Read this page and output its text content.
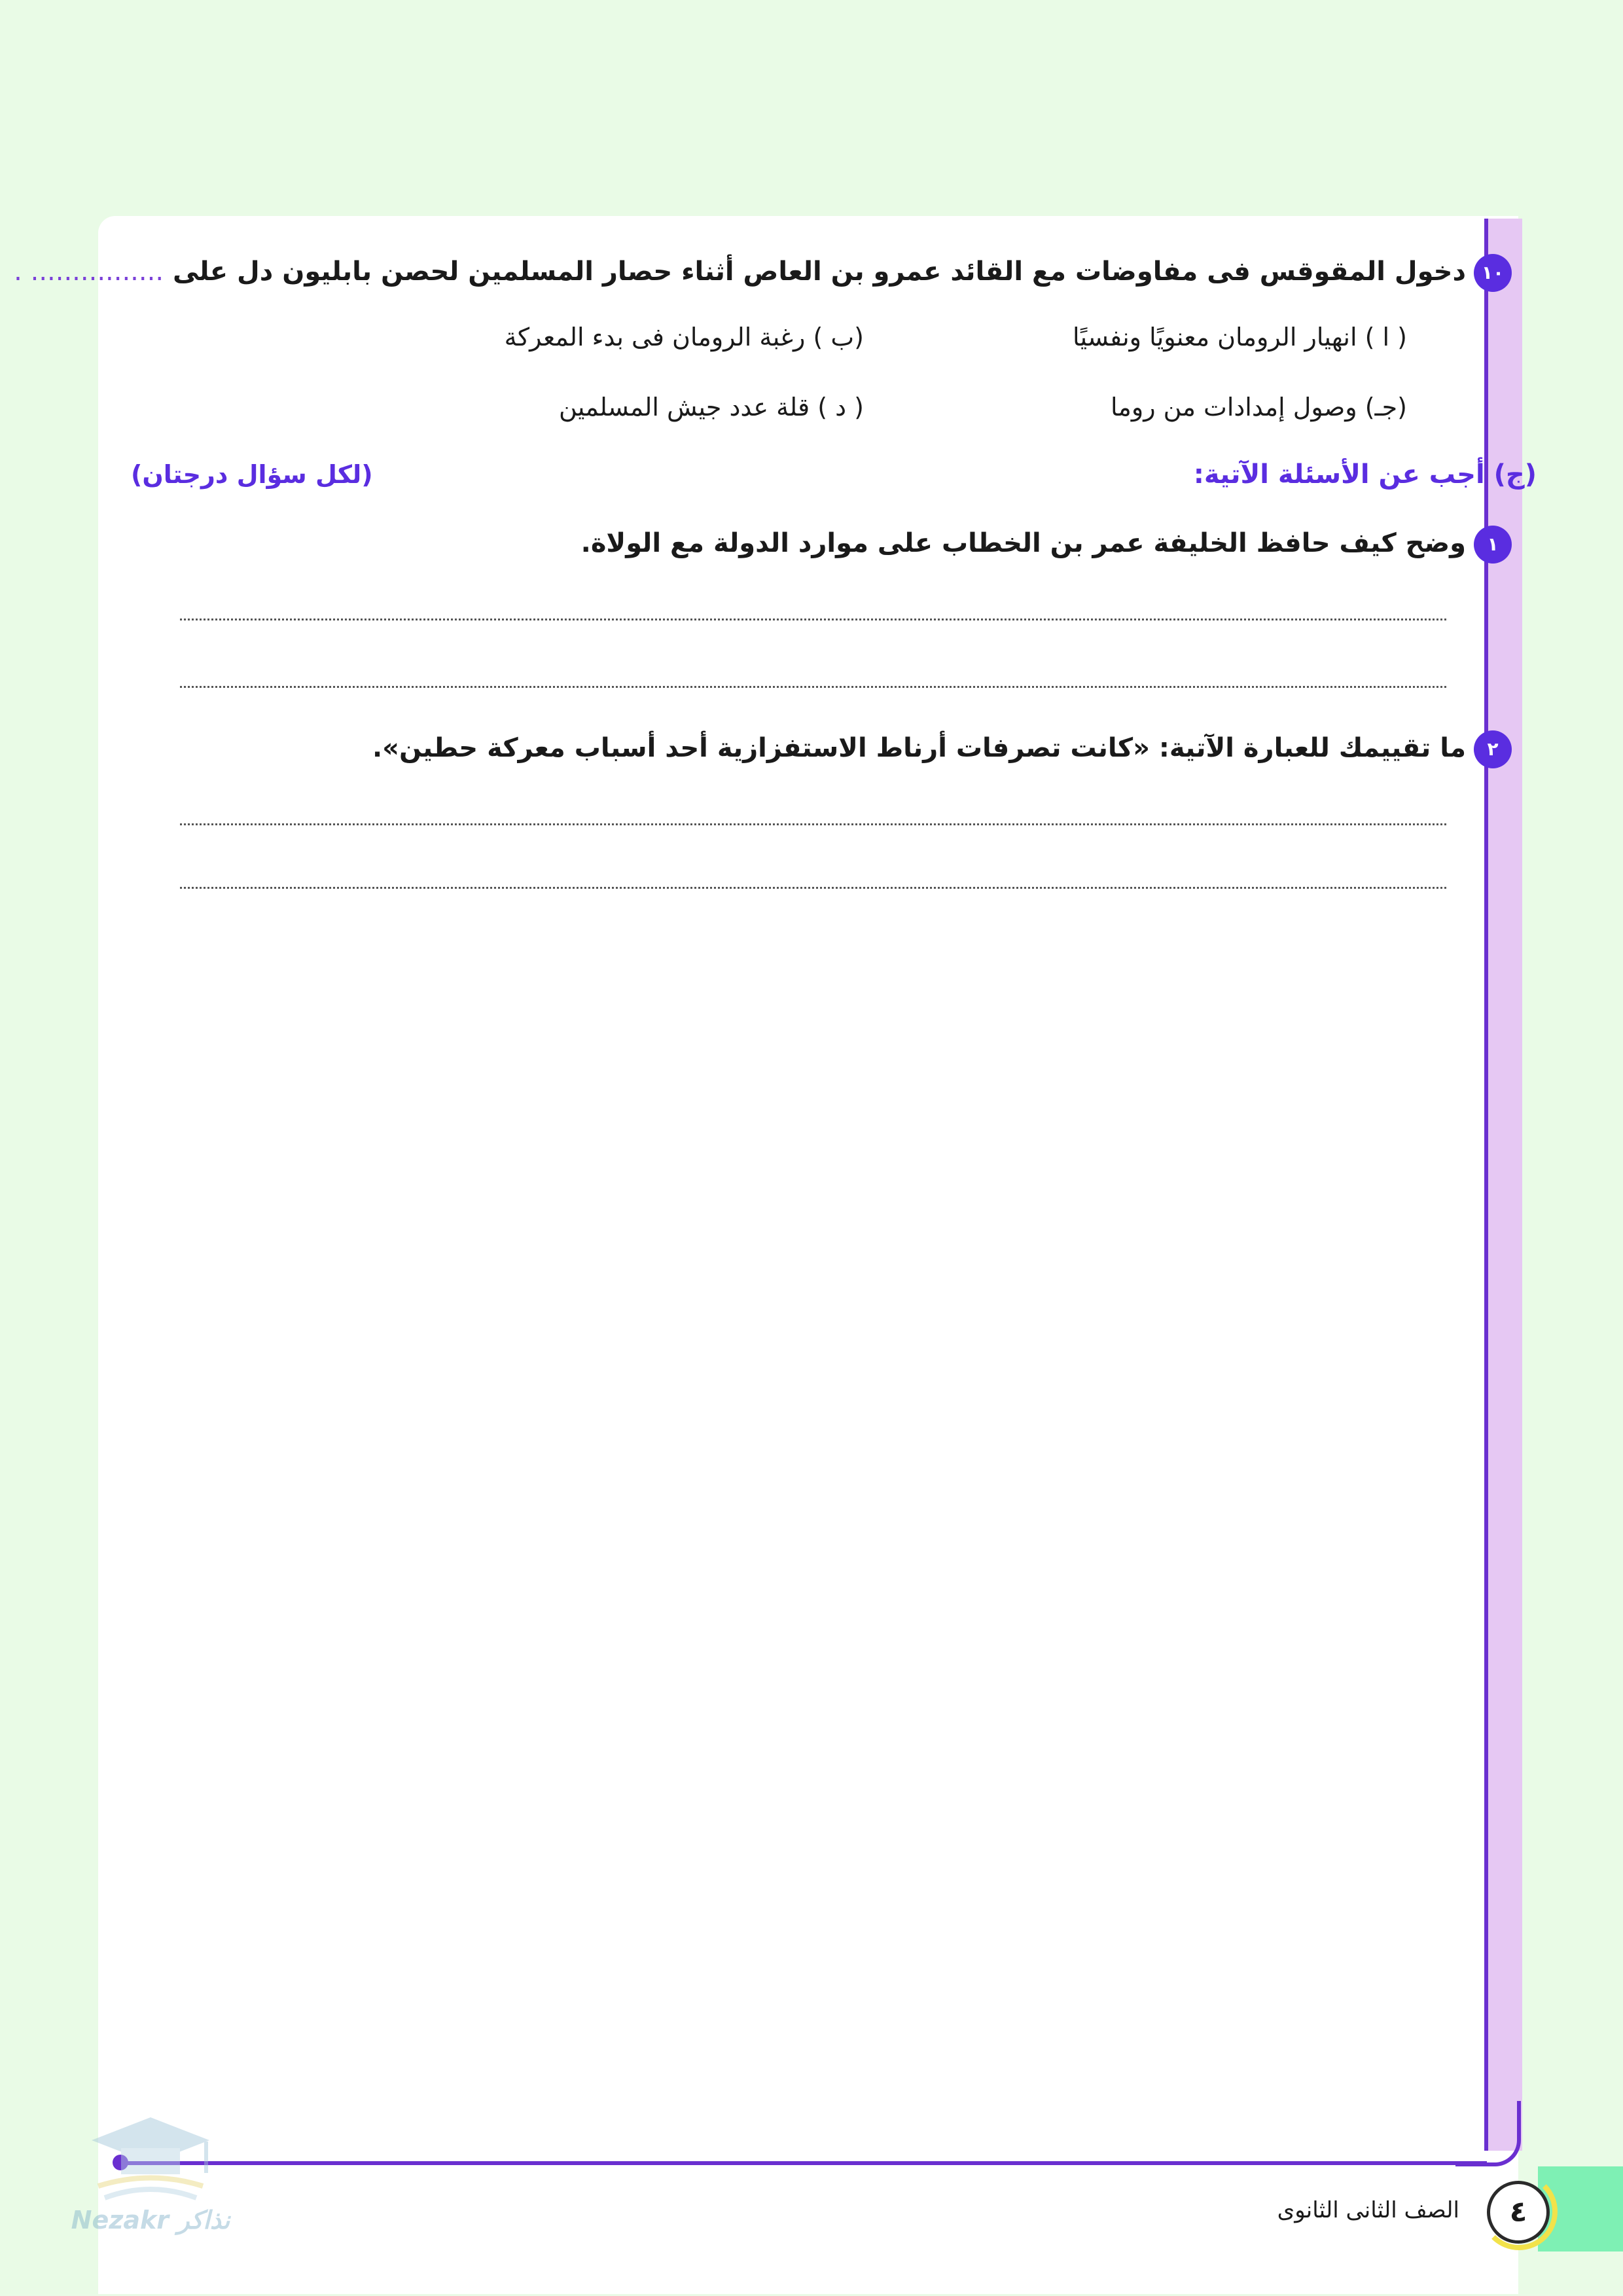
١٠دخول المقوقس فى مفاوضات مع القائد عمرو بن العاص أثناء حصار المسلمين لحصن بابليون دل على ................ .
( ا ) انهيار الرومان معنويًا ونفسيًا
(ب ) رغبة الرومان فى بدء المعركة
(جـ) وصول إمدادات من روما
( د ) قلة عدد جيش المسلمين
(ج) أجب عن الأسئلة الآتية:
(لكل سؤال درجتان)
١وضح كيف حافظ الخليفة عمر بن الخطاب على موارد الدولة مع الولاة.
٢ما تقييمك للعبارة الآتية: «كانت تصرفات أرناط الاستفزازية أحد أسباب معركة حطين».
Nezakr نذاكر	٤
الصف الثانى الثانوى
